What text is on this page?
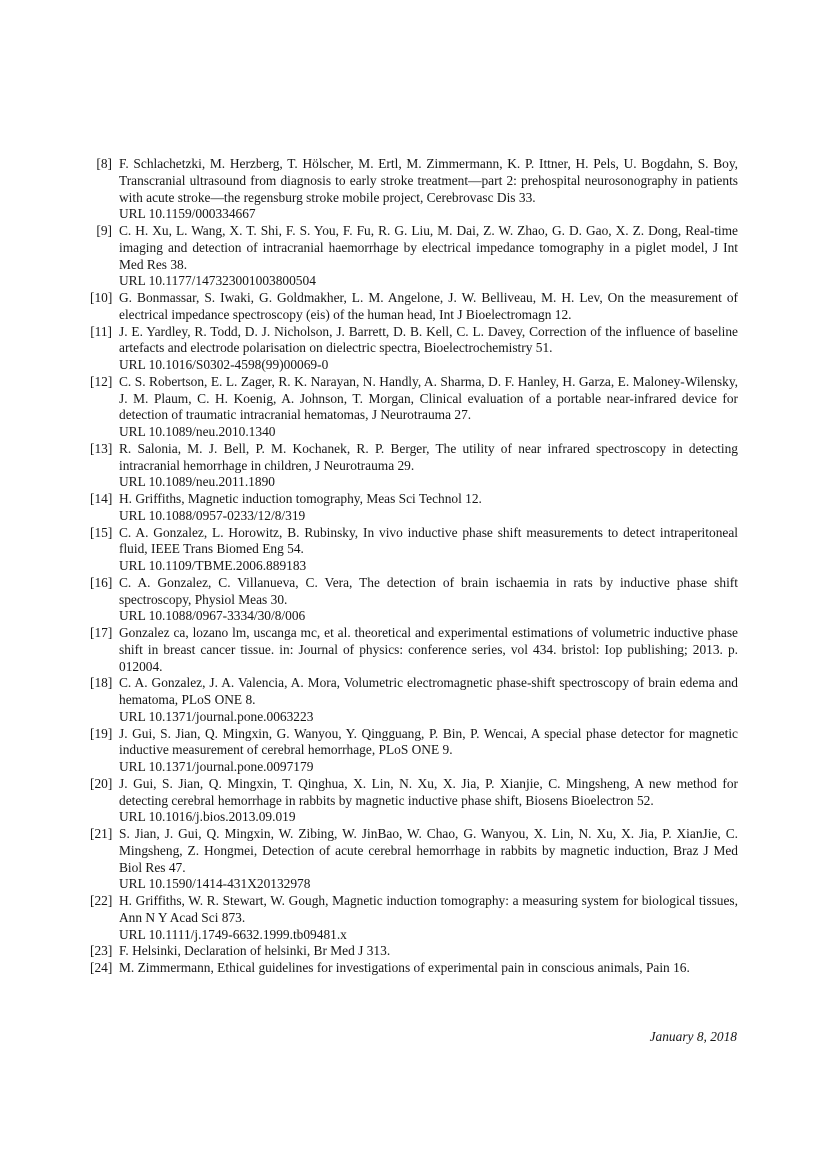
[8] F. Schlachetzki, M. Herzberg, T. Hölscher, M. Ertl, M. Zimmermann, K. P. Ittner, H. Pels, U. Bogdahn, S. Boy, Transcranial ultrasound from diagnosis to early stroke treatment—part 2: prehospital neurosonography in patients with acute stroke—the regensburg stroke mobile project, Cerebrovasc Dis 33.
URL 10.1159/000334667
[9] C. H. Xu, L. Wang, X. T. Shi, F. S. You, F. Fu, R. G. Liu, M. Dai, Z. W. Zhao, G. D. Gao, X. Z. Dong, Real-time imaging and detection of intracranial haemorrhage by electrical impedance tomography in a piglet model, J Int Med Res 38.
URL 10.1177/147323001003800504
[10] G. Bonmassar, S. Iwaki, G. Goldmakher, L. M. Angelone, J. W. Belliveau, M. H. Lev, On the measurement of electrical impedance spectroscopy (eis) of the human head, Int J Bioelectromagn 12.
[11] J. E. Yardley, R. Todd, D. J. Nicholson, J. Barrett, D. B. Kell, C. L. Davey, Correction of the influence of baseline artefacts and electrode polarisation on dielectric spectra, Bioelectrochemistry 51.
URL 10.1016/S0302-4598(99)00069-0
[12] C. S. Robertson, E. L. Zager, R. K. Narayan, N. Handly, A. Sharma, D. F. Hanley, H. Garza, E. Maloney-Wilensky, J. M. Plaum, C. H. Koenig, A. Johnson, T. Morgan, Clinical evaluation of a portable near-infrared device for detection of traumatic intracranial hematomas, J Neurotrauma 27.
URL 10.1089/neu.2010.1340
[13] R. Salonia, M. J. Bell, P. M. Kochanek, R. P. Berger, The utility of near infrared spectroscopy in detecting intracranial hemorrhage in children, J Neurotrauma 29.
URL 10.1089/neu.2011.1890
[14] H. Griffiths, Magnetic induction tomography, Meas Sci Technol 12.
URL 10.1088/0957-0233/12/8/319
[15] C. A. Gonzalez, L. Horowitz, B. Rubinsky, In vivo inductive phase shift measurements to detect intraperitoneal fluid, IEEE Trans Biomed Eng 54.
URL 10.1109/TBME.2006.889183
[16] C. A. Gonzalez, C. Villanueva, C. Vera, The detection of brain ischaemia in rats by inductive phase shift spectroscopy, Physiol Meas 30.
URL 10.1088/0967-3334/30/8/006
[17] Gonzalez ca, lozano lm, uscanga mc, et al. theoretical and experimental estimations of volumetric inductive phase shift in breast cancer tissue. in: Journal of physics: conference series, vol 434. bristol: Iop publishing; 2013. p. 012004.
[18] C. A. Gonzalez, J. A. Valencia, A. Mora, Volumetric electromagnetic phase-shift spectroscopy of brain edema and hematoma, PLoS ONE 8.
URL 10.1371/journal.pone.0063223
[19] J. Gui, S. Jian, Q. Mingxin, G. Wanyou, Y. Qingguang, P. Bin, P. Wencai, A special phase detector for magnetic inductive measurement of cerebral hemorrhage, PLoS ONE 9.
URL 10.1371/journal.pone.0097179
[20] J. Gui, S. Jian, Q. Mingxin, T. Qinghua, X. Lin, N. Xu, X. Jia, P. Xianjie, C. Mingsheng, A new method for detecting cerebral hemorrhage in rabbits by magnetic inductive phase shift, Biosens Bioelectron 52.
URL 10.1016/j.bios.2013.09.019
[21] S. Jian, J. Gui, Q. Mingxin, W. Zibing, W. JinBao, W. Chao, G. Wanyou, X. Lin, N. Xu, X. Jia, P. XianJie, C. Mingsheng, Z. Hongmei, Detection of acute cerebral hemorrhage in rabbits by magnetic induction, Braz J Med Biol Res 47.
URL 10.1590/1414-431X20132978
[22] H. Griffiths, W. R. Stewart, W. Gough, Magnetic induction tomography: a measuring system for biological tissues, Ann N Y Acad Sci 873.
URL 10.1111/j.1749-6632.1999.tb09481.x
[23] F. Helsinki, Declaration of helsinki, Br Med J 313.
[24] M. Zimmermann, Ethical guidelines for investigations of experimental pain in conscious animals, Pain 16.
January 8, 2018
